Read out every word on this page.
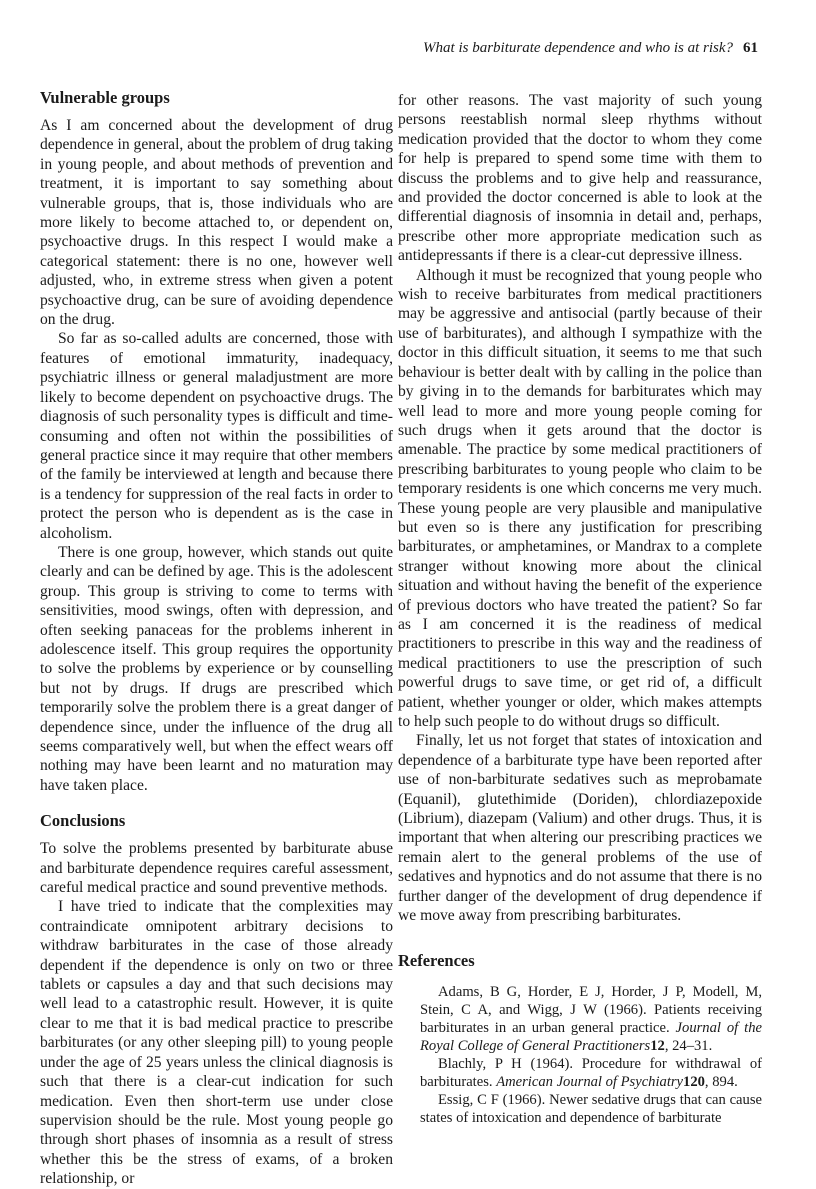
What is barbiturate dependence and who is at risk? 61
Vulnerable groups

As I am concerned about the development of drug dependence in general, about the problem of drug taking in young people, and about methods of prevention and treatment, it is important to say something about vulnerable groups, that is, those individuals who are more likely to become attached to, or dependent on, psychoactive drugs. In this respect I would make a categorical statement: there is no one, however well adjusted, who, in extreme stress when given a potent psychoactive drug, can be sure of avoiding dependence on the drug.

So far as so-called adults are concerned, those with features of emotional immaturity, inadequacy, psychiatric illness or general maladjustment are more likely to become dependent on psychoactive drugs. The diagnosis of such personality types is difficult and time-consuming and often not within the possibilities of general practice since it may require that other members of the family be interviewed at length and because there is a tendency for suppression of the real facts in order to protect the person who is dependent as is the case in alcoholism.

There is one group, however, which stands out quite clearly and can be defined by age. This is the adolescent group. This group is striving to come to terms with sensitivities, mood swings, often with depression, and often seeking panaceas for the problems inherent in adolescence itself. This group requires the opportunity to solve the problems by experience or by counselling but not by drugs. If drugs are prescribed which temporarily solve the problem there is a great danger of dependence since, under the influence of the drug all seems comparatively well, but when the effect wears off nothing may have been learnt and no maturation may have taken place.

Conclusions

To solve the problems presented by barbiturate abuse and barbiturate dependence requires careful assessment, careful medical practice and sound preventive methods.

I have tried to indicate that the complexities may contraindicate omnipotent arbitrary decisions to withdraw barbiturates in the case of those already dependent if the dependence is only on two or three tablets or capsules a day and that such decisions may well lead to a catastrophic result. However, it is quite clear to me that it is bad medical practice to prescribe barbiturates (or any other sleeping pill) to young people under the age of 25 years unless the clinical diagnosis is such that there is a clear-cut indication for such medication. Even then short-term use under close supervision should be the rule. Most young people go through short phases of insomnia as a result of stress whether this be the stress of exams, of a broken relationship, or

for other reasons. The vast majority of such young persons reestablish normal sleep rhythms without medication provided that the doctor to whom they come for help is prepared to spend some time with them to discuss the problems and to give help and reassurance, and provided the doctor concerned is able to look at the differential diagnosis of insomnia in detail and, perhaps, prescribe other more appropriate medication such as antidepressants if there is a clear-cut depressive illness.

Although it must be recognized that young people who wish to receive barbiturates from medical practitioners may be aggressive and antisocial (partly because of their use of barbiturates), and although I sympathize with the doctor in this difficult situation, it seems to me that such behaviour is better dealt with by calling in the police than by giving in to the demands for barbiturates which may well lead to more and more young people coming for such drugs when it gets around that the doctor is amenable. The practice by some medical practitioners of prescribing barbiturates to young people who claim to be temporary residents is one which concerns me very much. These young people are very plausible and manipulative but even so is there any justification for prescribing barbiturates, or amphetamines, or Mandrax to a complete stranger without knowing more about the clinical situation and without having the benefit of the experience of previous doctors who have treated the patient? So far as I am concerned it is the readiness of medical practitioners to prescribe in this way and the readiness of medical practitioners to use the prescription of such powerful drugs to save time, or get rid of, a difficult patient, whether younger or older, which makes attempts to help such people to do without drugs so difficult.

Finally, let us not forget that states of intoxication and dependence of a barbiturate type have been reported after use of non-barbiturate sedatives such as meprobamate (Equanil), glutethimide (Doriden), chlordiazepoxide (Librium), diazepam (Valium) and other drugs. Thus, it is important that when altering our prescribing practices we remain alert to the general problems of the use of sedatives and hypnotics and do not assume that there is no further danger of the development of drug dependence if we move away from prescribing barbiturates.

References

Adams, B G, Horder, E J, Horder, J P, Modell, M, Stein, C A, and Wigg, J W (1966). Patients receiving barbiturates in an urban general practice. Journal of the Royal College of General Practitioners12, 24–31.

Blachly, P H (1964). Procedure for withdrawal of barbiturates. American Journal of Psychiatry120, 894.

Essig, C F (1966). Newer sedative drugs that can cause states of intoxication and dependence of barbiturate
